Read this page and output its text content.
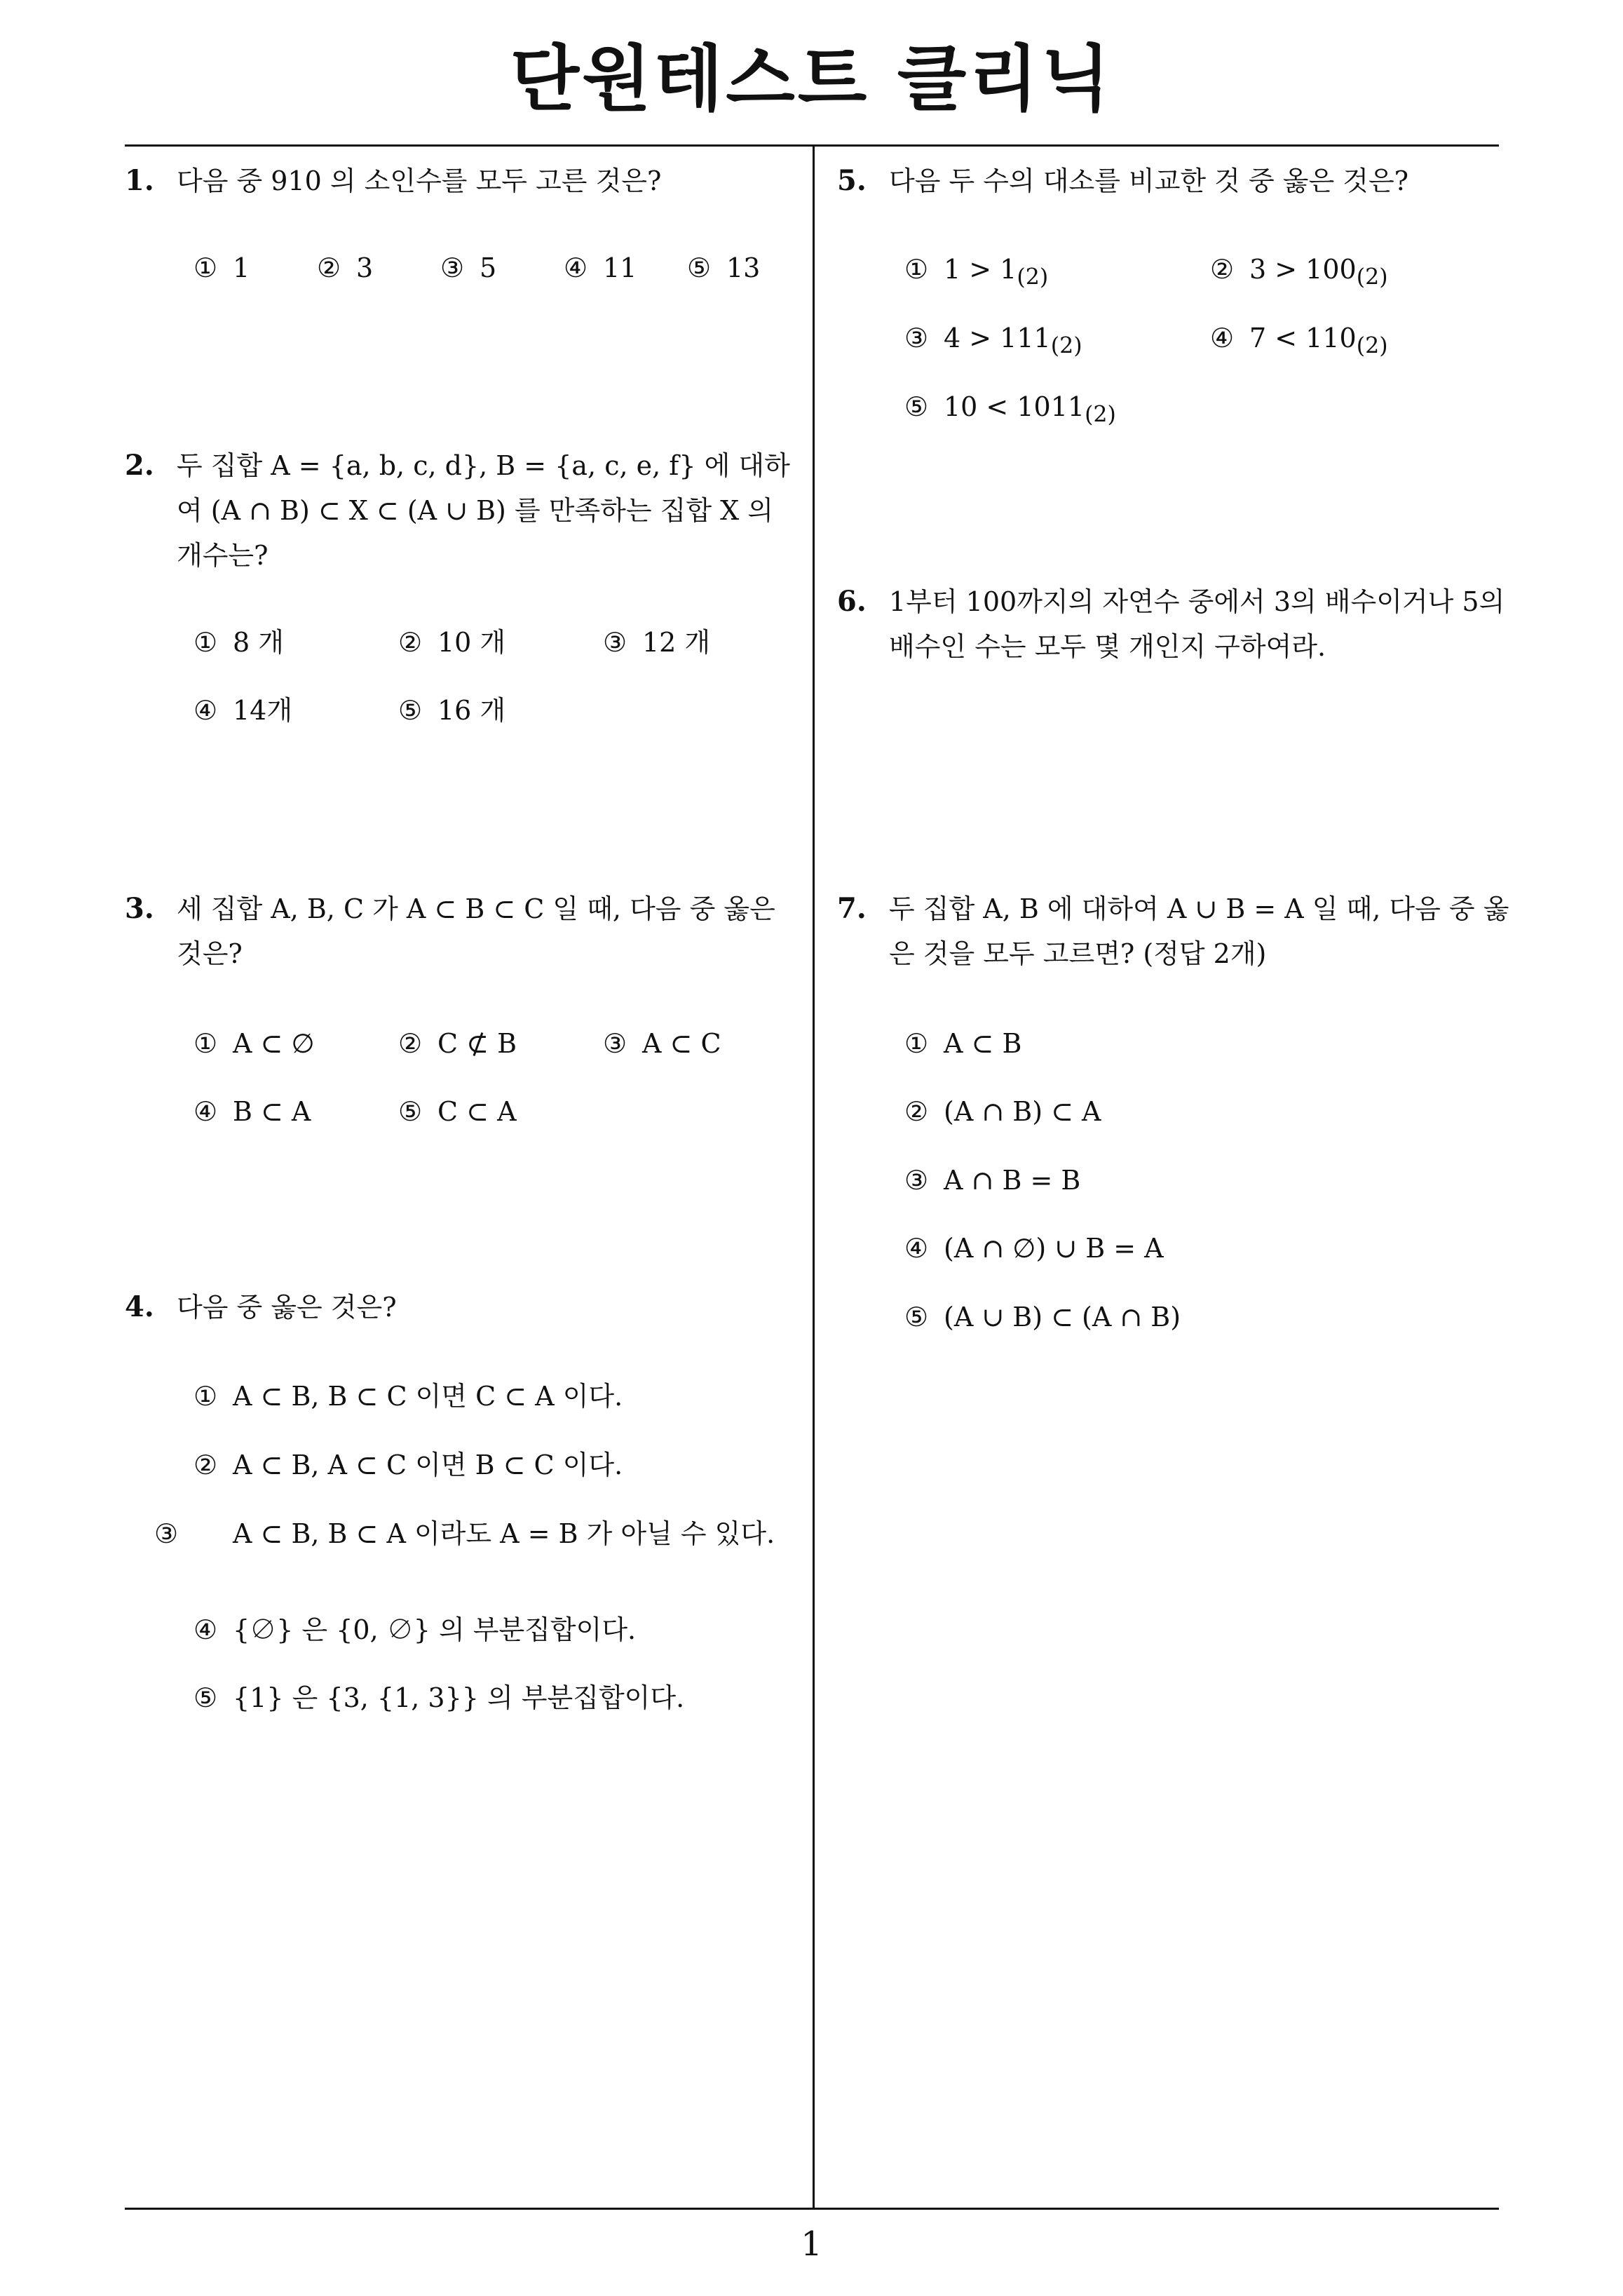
단원테스트 클리닉
1
1. 다음 중 910 의 소인수를 모두 고른 것은?
① 1	② 3	③ 5	④ 11 ⑤ 13
2. 두 집합 A = {a, b, c, d}, B = {a, c, e, f} 에 대하여 (A ∩ B) ⊂ X ⊂ (A ∪ B) 를 만족하는 집합 X 의 개수는?
① 8 개	② 10 개	③ 12 개
④ 14개	⑤ 16 개
3. 세 집합 A, B, C 가 A ⊂ B ⊂ C 일 때, 다음 중 옳은 것은?
① A ⊂ ∅	② C ⊄ B	③ A ⊂ C
④ B ⊂ A	⑤ C ⊂ A
4. 다음 중 옳은 것은?
① A ⊂ B, B ⊂ C 이면 C ⊂ A 이다.
② A ⊂ B, A ⊂ C 이면 B ⊂ C 이다.
③ A ⊂ B, B ⊂ A 이라도 A = B 가 아닐 수 있다.
④ {∅} 은 {0, ∅} 의 부분집합이다.
⑤ {1} 은 {3, {1, 3}} 의 부분집합이다.
5. 다음 두 수의 대소를 비교한 것 중 옳은 것은?
① $1 > 1_{(2)}$	② $3 > 100_{(2)}$
③ $4 > 111_{(2)}$	④ $7 < 110_{(2)}$
⑤ $10 < 1011_{(2)}$
6. 1부터 100까지의 자연수 중에서 3의 배수이거나 5의 배수인 수는 모두 몇 개인지 구하여라.
7. 두 집합 A, B 에 대하여 A ∪ B = A 일 때, 다음 중 옳은 것을 모두 고르면? (정답 2개)
① A ⊂ B
② (A ∩ B) ⊂ A
③ A ∩ B = B
④ (A ∩ ∅) ∪ B = A
⑤ (A ∪ B) ⊂ (A ∩ B)
